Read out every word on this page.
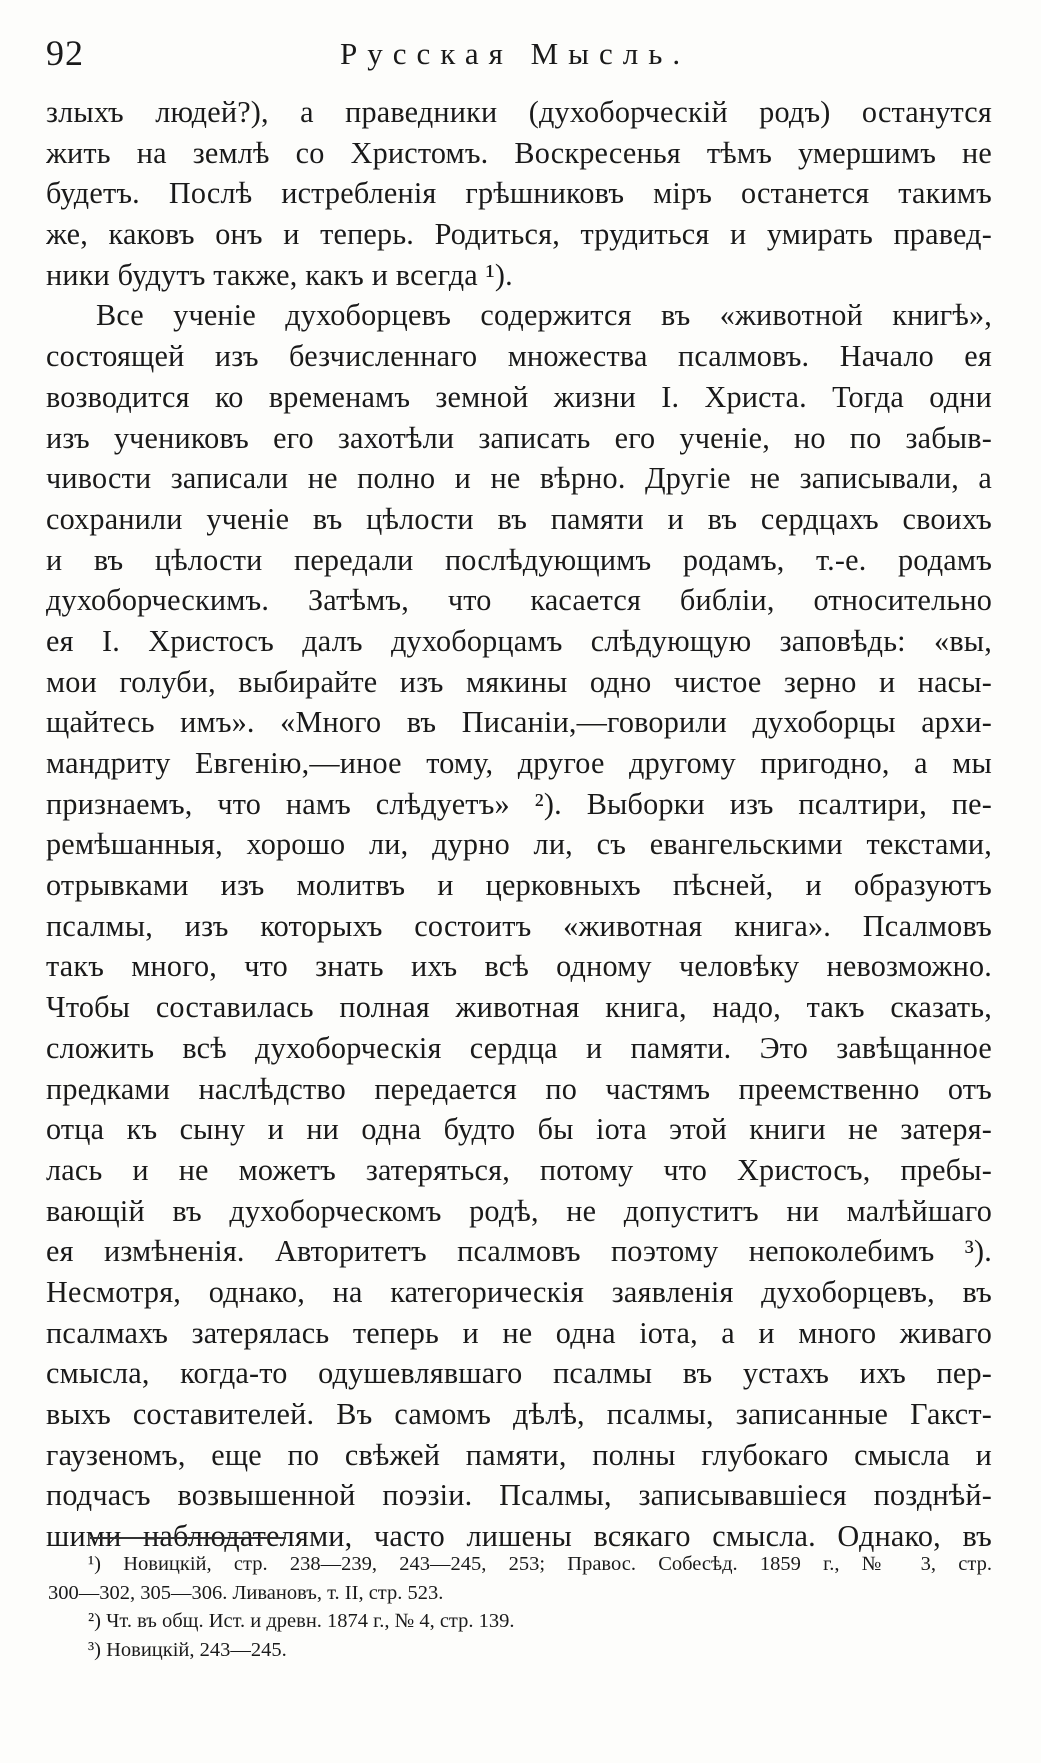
92	Русская Мысль.
злыхъ людей?), а праведники (духоборческій родъ) останутся
жить на землѣ со Христомъ. Воскресенья тѣмъ умершимъ не
будетъ. Послѣ истребленія грѣшниковъ міръ останется такимъ
же, каковъ онъ и теперь. Родиться, трудиться и умирать правед-
ники будутъ также, какъ и всегда ¹).
Все ученіе духоборцевъ содержится въ «животной книгѣ»,
состоящей изъ безчисленнаго множества псалмовъ. Начало ея
возводится ко временамъ земной жизни І. Христа. Тогда одни
изъ учениковъ его захотѣли записать его ученіе, но по забыв-
чивости записали не полно и не вѣрно. Другіе не записывали, а
сохранили ученіе въ цѣлости въ памяти и въ сердцахъ своихъ
и въ цѣлости передали послѣдующимъ родамъ, т.-е. родамъ
духоборческимъ. Затѣмъ, что касается библіи, относительно
ея І. Христосъ далъ духоборцамъ слѣдующую заповѣдь: «вы,
мои голуби, выбирайте изъ мякины одно чистое зерно и насы-
щайтесь имъ». «Много въ Писаніи,—говорили духоборцы архи-
мандриту Евгенію,—иное тому, другое другому пригодно, а мы
признаемъ, что намъ слѣдуетъ» ²). Выборки изъ псалтири, пе-
ремѣшанныя, хорошо ли, дурно ли, съ евангельскими текстами,
отрывками изъ молитвъ и церковныхъ пѣсней, и образуютъ
псалмы, изъ которыхъ состоитъ «животная книга». Псалмовъ
такъ много, что знать ихъ всѣ одному человѣку невозможно.
Чтобы составилась полная животная книга, надо, такъ сказать,
сложить всѣ духоборческія сердца и памяти. Это завѣщанное
предками наслѣдство передается по частямъ преемственно отъ
отца къ сыну и ни одна будто бы іота этой книги не затеря-
лась и не можетъ затеряться, потому что Христосъ, пребы-
вающій въ духоборческомъ родѣ, не допуститъ ни малѣйшаго
ея измѣненія. Авторитетъ псалмовъ поэтому непоколебимъ ³).
Несмотря, однако, на категорическія заявленія духоборцевъ, въ
псалмахъ затерялась теперь и не одна іота, а и много живаго
смысла, когда-то одушевлявшаго псалмы въ устахъ ихъ пер-
выхъ составителей. Въ самомъ дѣлѣ, псалмы, записанные Гакст-
гаузеномъ, еще по свѣжей памяти, полны глубокаго смысла и
подчасъ возвышенной поэзіи. Псалмы, записывавшіеся позднѣй-
шими наблюдателями, часто лишены всякаго смысла. Однако, въ
¹) Новицкій, стр. 238—239, 243—245, 253; Правос. Собесѣд. 1859 г., № 3, стр.
300—302, 305—306. Ливановъ, т. II, стр. 523.
²) Чт. въ общ. Ист. и древн. 1874 г., № 4, стр. 139.
³) Новицкій, 243—245.
